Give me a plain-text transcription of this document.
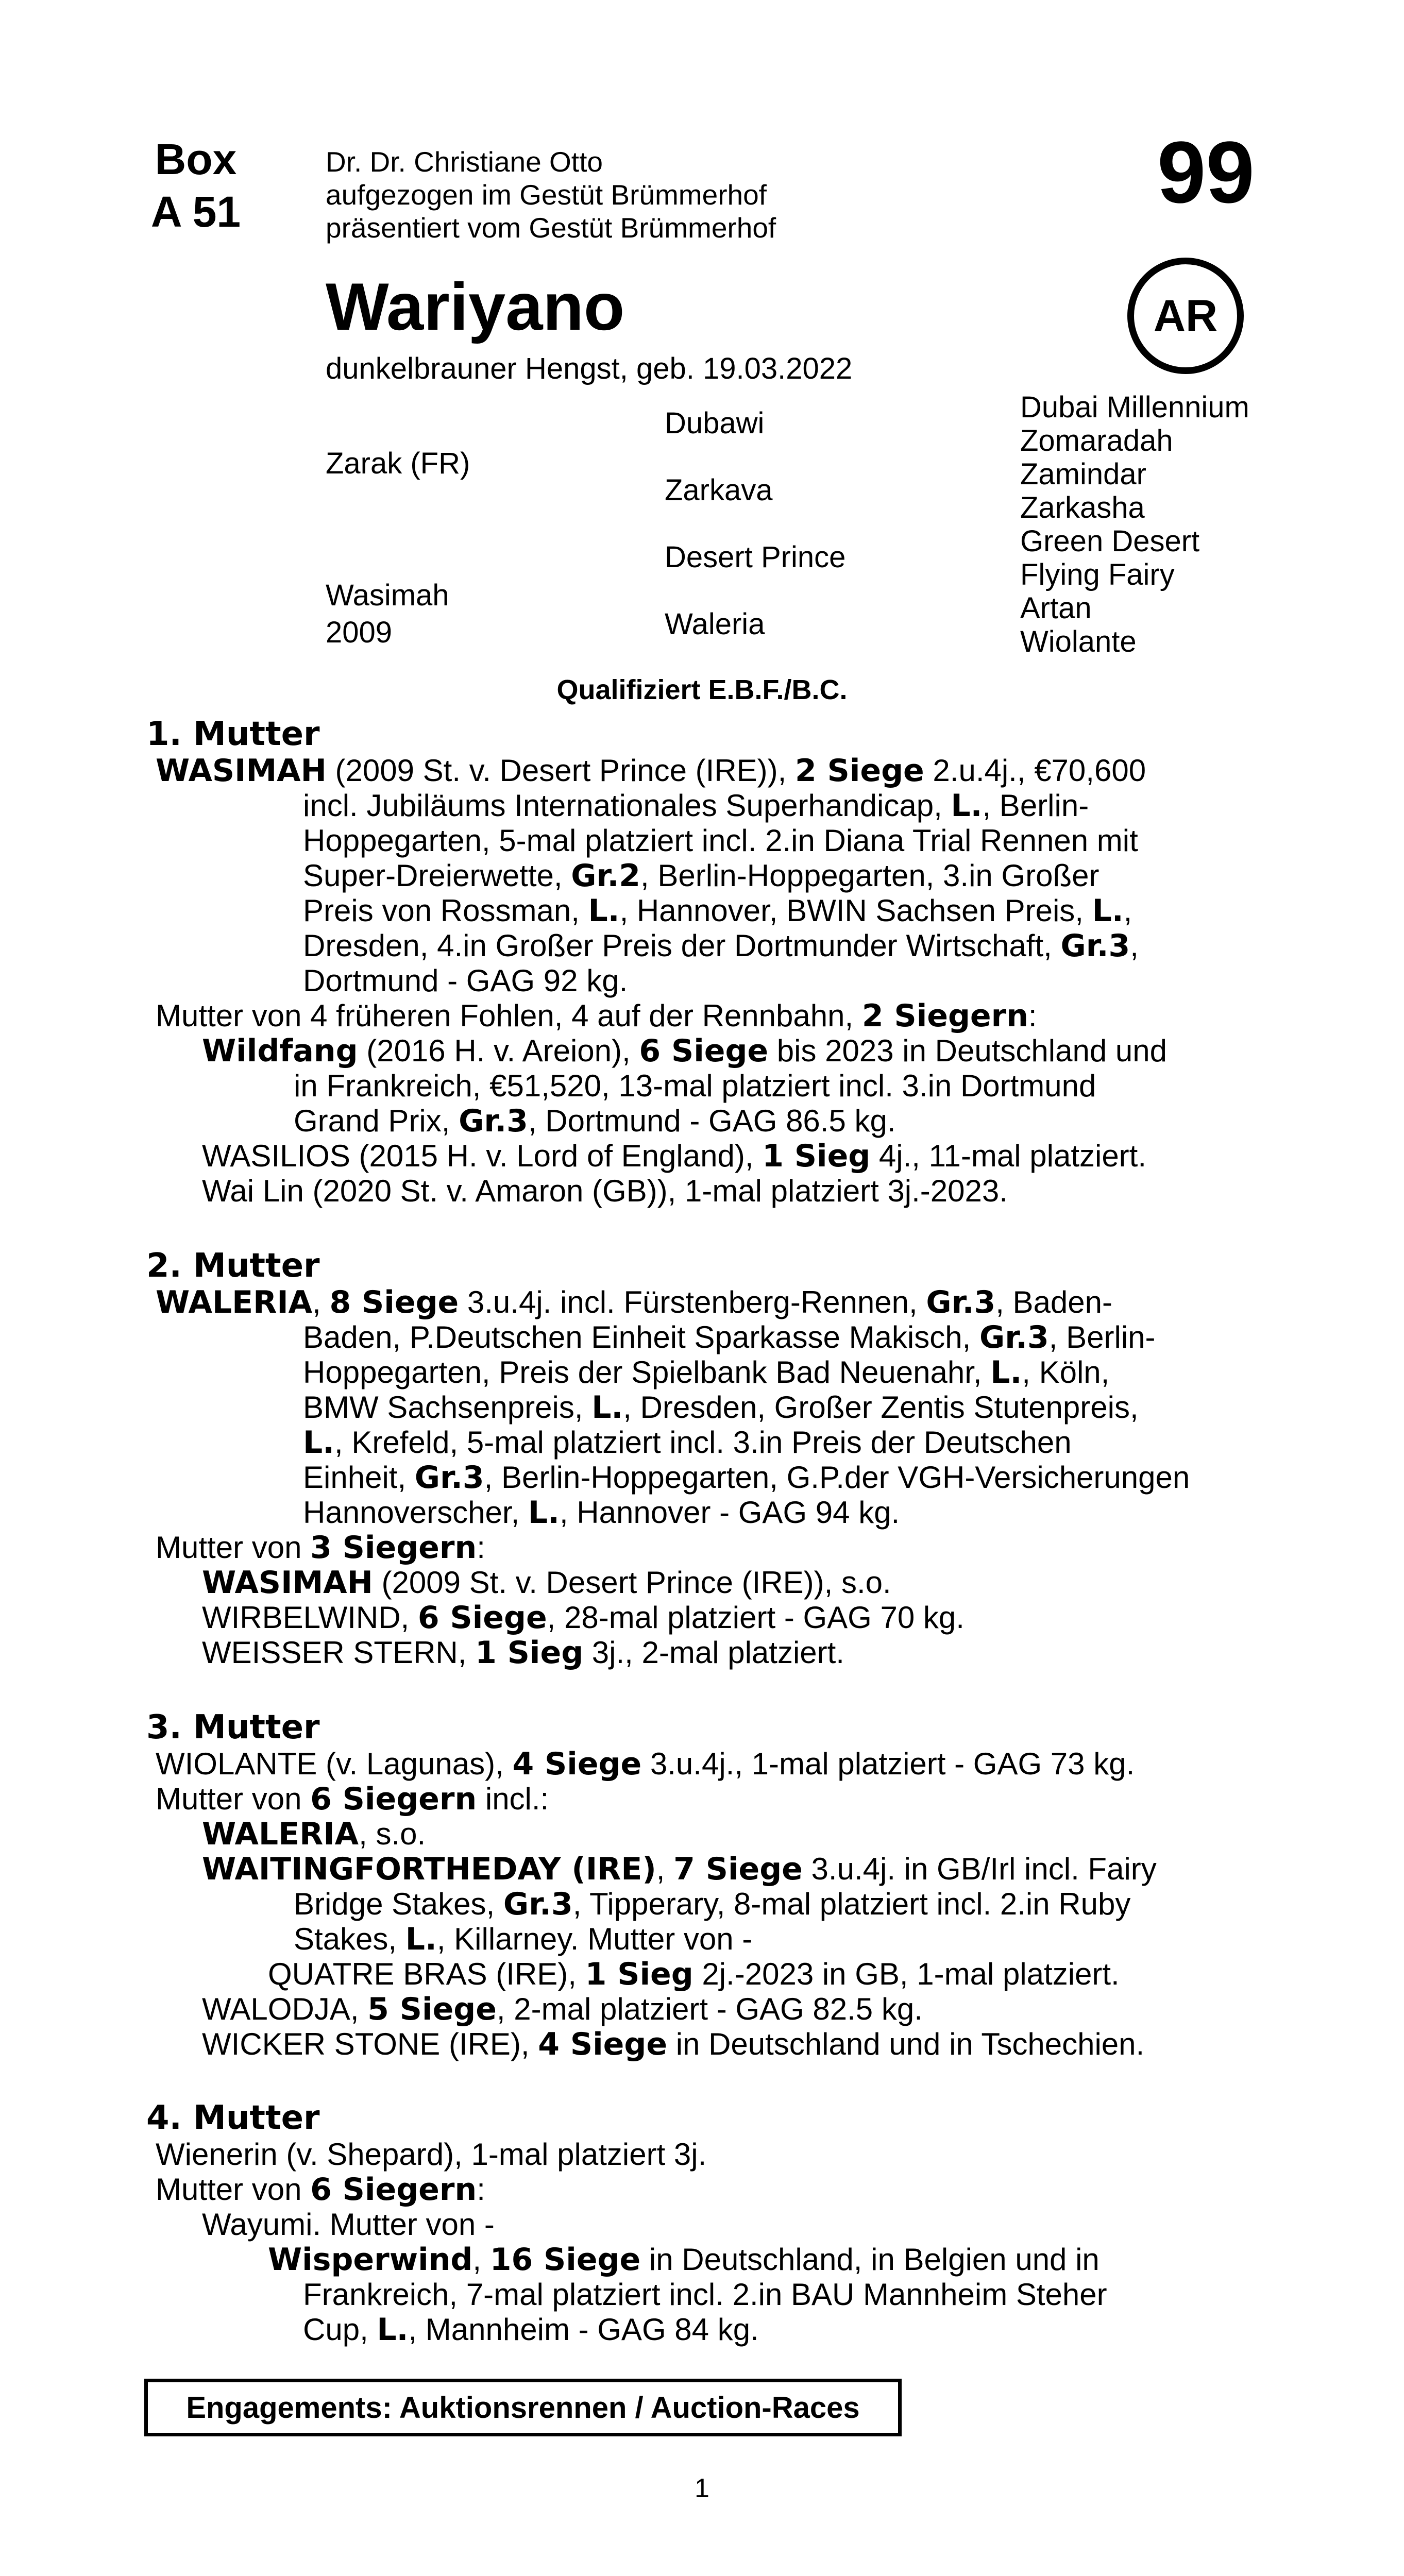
Box
A 51
Dr. Dr. Christiane Otto
aufgezogen im Gestüt Brümmerhof
präsentiert vom Gestüt Brümmerhof
99
AR
Wariyano
dunkelbrauner Hengst, geb. 19.03.2022
Zarak (FR)
Wasimah
2009
Dubawi
Zarkava
Desert Prince
Waleria
Dubai Millennium
Zomaradah
Zamindar
Zarkasha
Green Desert
Flying Fairy
Artan
Wiolante
Qualifiziert E.B.F./B.C.
1. Mutter
WASIMAH (2009 St. v. Desert Prince (IRE)), 2 Siege 2.u.4j., €70,600
incl. Jubiläums Internationales Superhandicap, L., Berlin-
Hoppegarten, 5-mal platziert incl. 2.in Diana Trial Rennen mit
Super-Dreierwette, Gr.2, Berlin-Hoppegarten, 3.in Großer
Preis von Rossman, L., Hannover, BWIN Sachsen Preis, L.,
Dresden, 4.in Großer Preis der Dortmunder Wirtschaft, Gr.3,
Dortmund - GAG 92 kg.
Mutter von 4 früheren Fohlen, 4 auf der Rennbahn, 2 Siegern:
Wildfang (2016 H. v. Areion), 6 Siege bis 2023 in Deutschland und
in Frankreich, €51,520, 13-mal platziert incl. 3.in Dortmund
Grand Prix, Gr.3, Dortmund - GAG 86.5 kg.
WASILIOS (2015 H. v. Lord of England), 1 Sieg 4j., 11-mal platziert.
Wai Lin (2020 St. v. Amaron (GB)), 1-mal platziert 3j.-2023.
2. Mutter
WALERIA, 8 Siege 3.u.4j. incl. Fürstenberg-Rennen, Gr.3, Baden-
Baden, P.Deutschen Einheit Sparkasse Makisch, Gr.3, Berlin-
Hoppegarten, Preis der Spielbank Bad Neuenahr, L., Köln,
BMW Sachsenpreis, L., Dresden, Großer Zentis Stutenpreis,
L., Krefeld, 5-mal platziert incl. 3.in Preis der Deutschen
Einheit, Gr.3, Berlin-Hoppegarten, G.P.der VGH-Versicherungen
Hannoverscher, L., Hannover - GAG 94 kg.
Mutter von 3 Siegern:
WASIMAH (2009 St. v. Desert Prince (IRE)), s.o.
WIRBELWIND, 6 Siege, 28-mal platziert - GAG 70 kg.
WEISSER STERN, 1 Sieg 3j., 2-mal platziert.
3. Mutter
WIOLANTE (v. Lagunas), 4 Siege 3.u.4j., 1-mal platziert - GAG 73 kg.
Mutter von 6 Siegern incl.:
WALERIA, s.o.
WAITINGFORTHEDAY (IRE), 7 Siege 3.u.4j. in GB/Irl incl. Fairy
Bridge Stakes, Gr.3, Tipperary, 8-mal platziert incl. 2.in Ruby
Stakes, L., Killarney. Mutter von -
QUATRE BRAS (IRE), 1 Sieg 2j.-2023 in GB, 1-mal platziert.
WALODJA, 5 Siege, 2-mal platziert - GAG 82.5 kg.
WICKER STONE (IRE), 4 Siege in Deutschland und in Tschechien.
4. Mutter
Wienerin (v. Shepard), 1-mal platziert 3j.
Mutter von 6 Siegern:
Wayumi. Mutter von -
Wisperwind, 16 Siege in Deutschland, in Belgien und in
Frankreich, 7-mal platziert incl. 2.in BAU Mannheim Steher
Cup, L., Mannheim - GAG 84 kg.
Engagements: Auktionsrennen / Auction-Races
1
